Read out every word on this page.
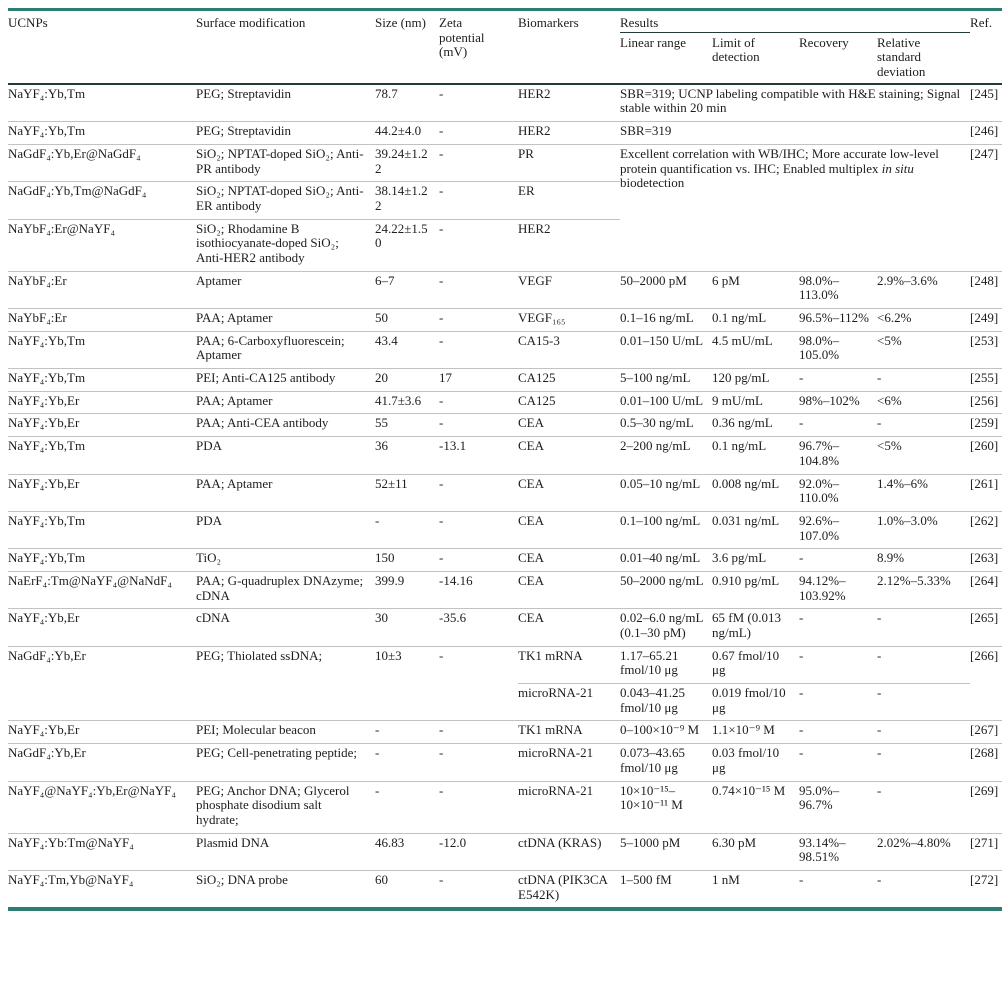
UCNPs	Surface modification	Size (nm)	Zeta potential (mV)	Biomarkers	Results				Ref.
					Linear range	Limit of detection	Recovery	Relative standard deviation	
NaYF₄:Yb,Tm	PEG; Streptavidin	78.7	-	HER2	SBR=319; UCNP labeling compatible with H&E staining; Signal stable within 20 min				[245]
NaYF₄:Yb,Tm	PEG; Streptavidin	44.2±4.0	-	HER2	SBR=319				[246]
NaGdF₄:Yb,Er@NaGdF₄	SiO₂; NPTAT-doped SiO₂; Anti-PR antibody	39.24±1.22	-	PR	Excellent correlation with WB/IHC; More accurate low-level protein quantification vs. IHC; Enabled multiplex in situ biodetection				[247]
NaGdF₄:Yb,Tm@NaGdF₄	SiO₂; NPTAT-doped SiO₂; Anti-ER antibody	38.14±1.22	-	ER					
NaYbF₄:Er@NaYF₄	SiO₂; Rhodamine B isothiocyanate-doped SiO₂; Anti-HER2 antibody	24.22±1.50	-	HER2					
NaYbF₄:Er	Aptamer	6–7	-	VEGF	50–2000 pM	6 pM	98.0%–113.0%	2.9%–3.6%	[248]
NaYbF₄:Er	PAA; Aptamer	50	-	VEGF₁₆₅	0.1–16 ng/mL	0.1 ng/mL	96.5%–112%	<6.2%	[249]
NaYF₄:Yb,Tm	PAA; 6-Carboxyfluorescein; Aptamer	43.4	-	CA15-3	0.01–150 U/mL	4.5 mU/mL	98.0%–105.0%	<5%	[253]
NaYF₄:Yb,Tm	PEI; Anti-CA125 antibody	20	17	CA125	5–100 ng/mL	120 pg/mL	-	-	[255]
NaYF₄:Yb,Er	PAA; Aptamer	41.7±3.6	-	CA125	0.01–100 U/mL	9 mU/mL	98%–102%	<6%	[256]
NaYF₄:Yb,Er	PAA; Anti-CEA antibody	55	-	CEA	0.5–30 ng/mL	0.36 ng/mL	-	-	[259]
NaYF₄:Yb,Tm	PDA	36	-13.1	CEA	2–200 ng/mL	0.1 ng/mL	96.7%–104.8%	<5%	[260]
NaYF₄:Yb,Er	PAA; Aptamer	52±11	-	CEA	0.05–10 ng/mL	0.008 ng/mL	92.0%–110.0%	1.4%–6%	[261]
NaYF₄:Yb,Tm	PDA	-	-	CEA	0.1–100 ng/mL	0.031 ng/mL	92.6%–107.0%	1.0%–3.0%	[262]
NaYF₄:Yb,Tm	TiO₂	150	-	CEA	0.01–40 ng/mL	3.6 pg/mL	-	8.9%	[263]
NaErF₄:Tm@NaYF₄@NaNdF₄	PAA; G-quadruplex DNAzyme; cDNA	399.9	-14.16	CEA	50–2000 ng/mL	0.910 pg/mL	94.12%–103.92%	2.12%–5.33%	[264]
NaYF₄:Yb,Er	cDNA	30	-35.6	CEA	0.02–6.0 ng/mL (0.1–30 pM)	65 fM (0.013 ng/mL)	-	-	[265]
NaGdF₄:Yb,Er	PEG; Thiolated ssDNA;	10±3	-	TK1 mRNA	1.17–65.21 fmol/10 μg	0.67 fmol/10 μg	-	-	[266]
				microRNA-21	0.043–41.25 fmol/10 μg	0.019 fmol/10 μg	-	-	
NaYF₄:Yb,Er	PEI; Molecular beacon	-	-	TK1 mRNA	0–100×10⁻⁹ M	1.1×10⁻⁹ M	-	-	[267]
NaGdF₄:Yb,Er	PEG; Cell-penetrating peptide;	-	-	microRNA-21	0.073–43.65 fmol/10 μg	0.03 fmol/10 μg	-	-	[268]
NaYF₄@NaYF₄:Yb,Er@NaYF₄	PEG; Anchor DNA; Glycerol phosphate disodium salt hydrate;	-	-	microRNA-21	10×10⁻¹⁵–10×10⁻¹¹ M	0.74×10⁻¹⁵ M	95.0%–96.7%	-	[269]
NaYF₄:Yb:Tm@NaYF₄	Plasmid DNA	46.83	-12.0	ctDNA (KRAS)	5–1000 pM	6.30 pM	93.14%–98.51%	2.02%–4.80%	[271]
NaYF₄:Tm,Yb@NaYF₄	SiO₂; DNA probe	60	-	ctDNA (PIK3CA E542K)	1–500 fM	1 nM	-	-	[272]
